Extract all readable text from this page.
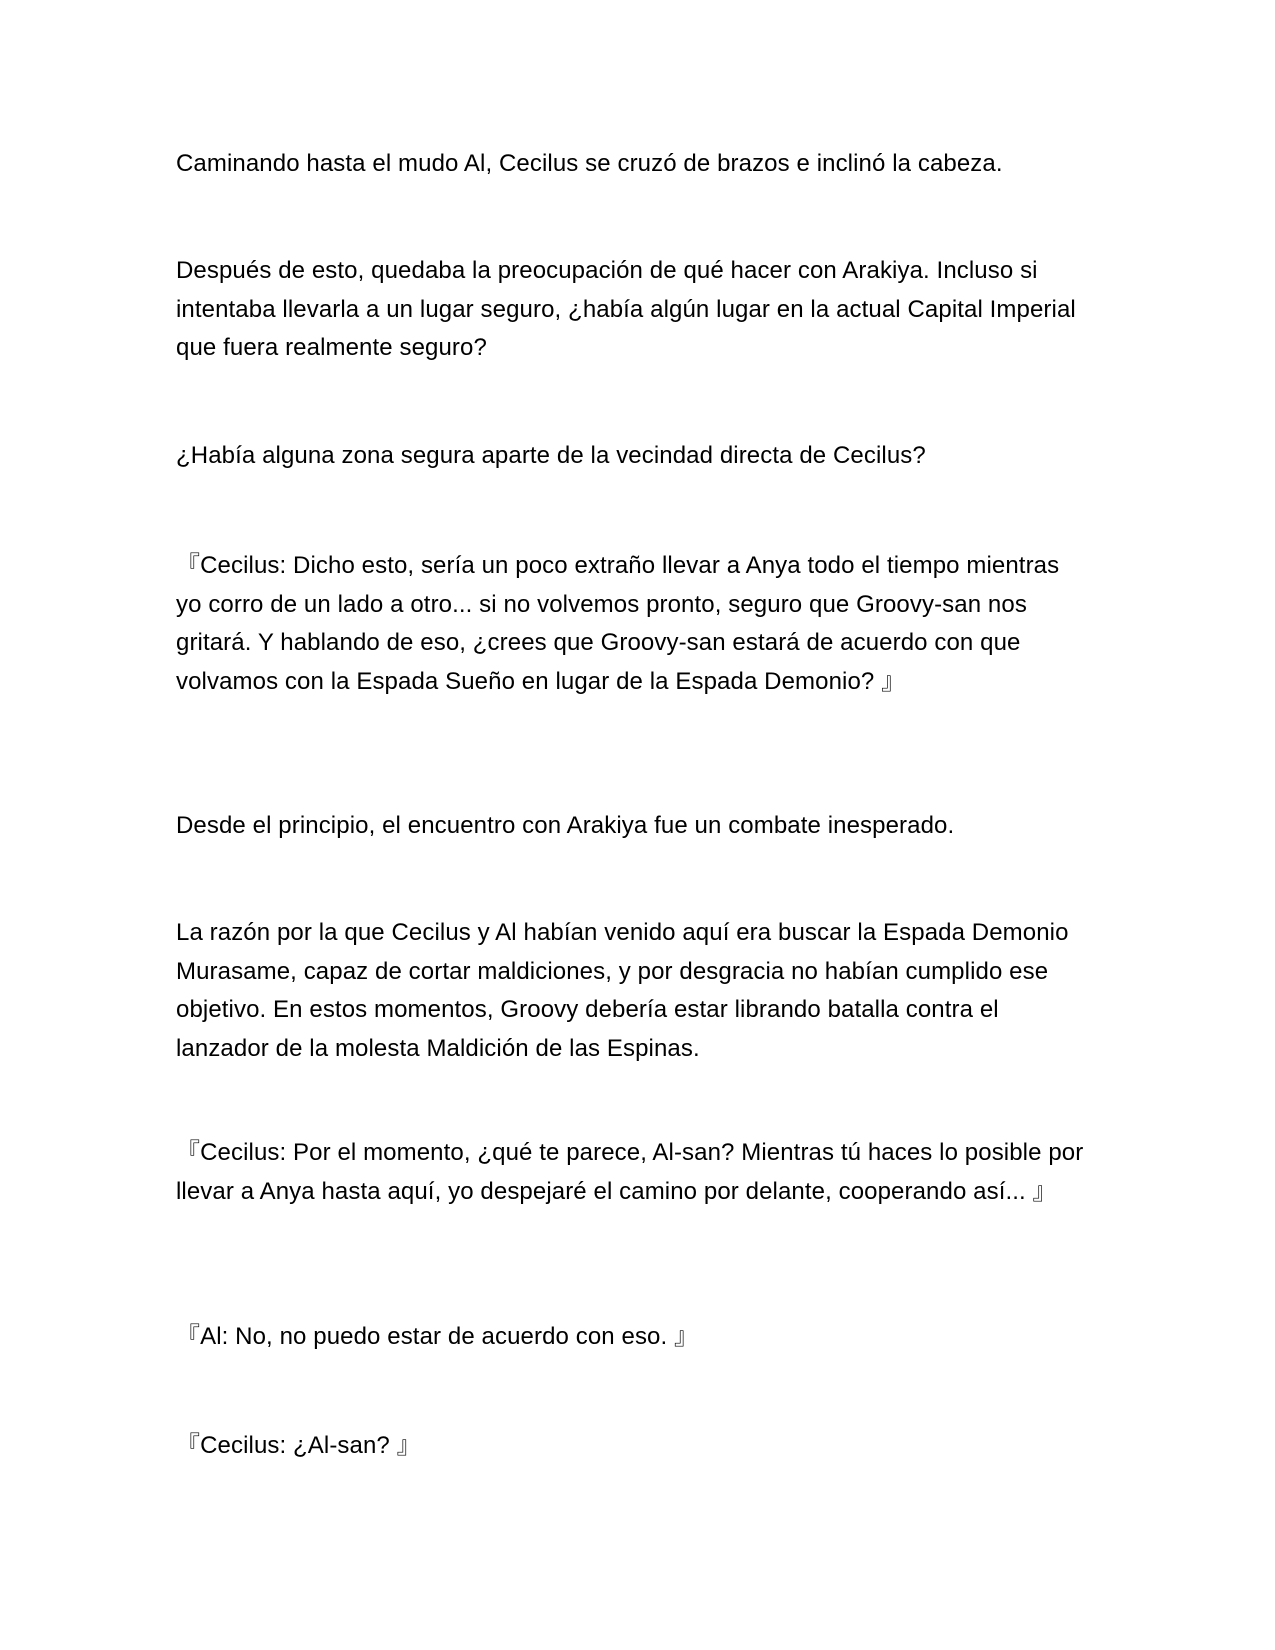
Caminando hasta el mudo Al, Cecilus se cruzó de brazos e inclinó la cabeza.

Después de esto, quedaba la preocupación de qué hacer con Arakiya. Incluso si intentaba llevarla a un lugar seguro, ¿había algún lugar en la actual Capital Imperial que fuera realmente seguro?

¿Había alguna zona segura aparte de la vecindad directa de Cecilus?

『Cecilus: Dicho esto, sería un poco extraño llevar a Anya todo el tiempo mientras yo corro de un lado a otro... si no volvemos pronto, seguro que Groovy-san nos gritará. Y hablando de eso, ¿crees que Groovy-san estará de acuerdo con que volvamos con la Espada Sueño en lugar de la Espada Demonio? 』

Desde el principio, el encuentro con Arakiya fue un combate inesperado.

La razón por la que Cecilus y Al habían venido aquí era buscar la Espada Demonio Murasame, capaz de cortar maldiciones, y por desgracia no habían cumplido ese objetivo. En estos momentos, Groovy debería estar librando batalla contra el lanzador de la molesta Maldición de las Espinas.

『Cecilus: Por el momento, ¿qué te parece, Al-san? Mientras tú haces lo posible por llevar a Anya hasta aquí, yo despejaré el camino por delante, cooperando así... 』

『Al: No, no puedo estar de acuerdo con eso. 』

『Cecilus: ¿Al-san? 』
